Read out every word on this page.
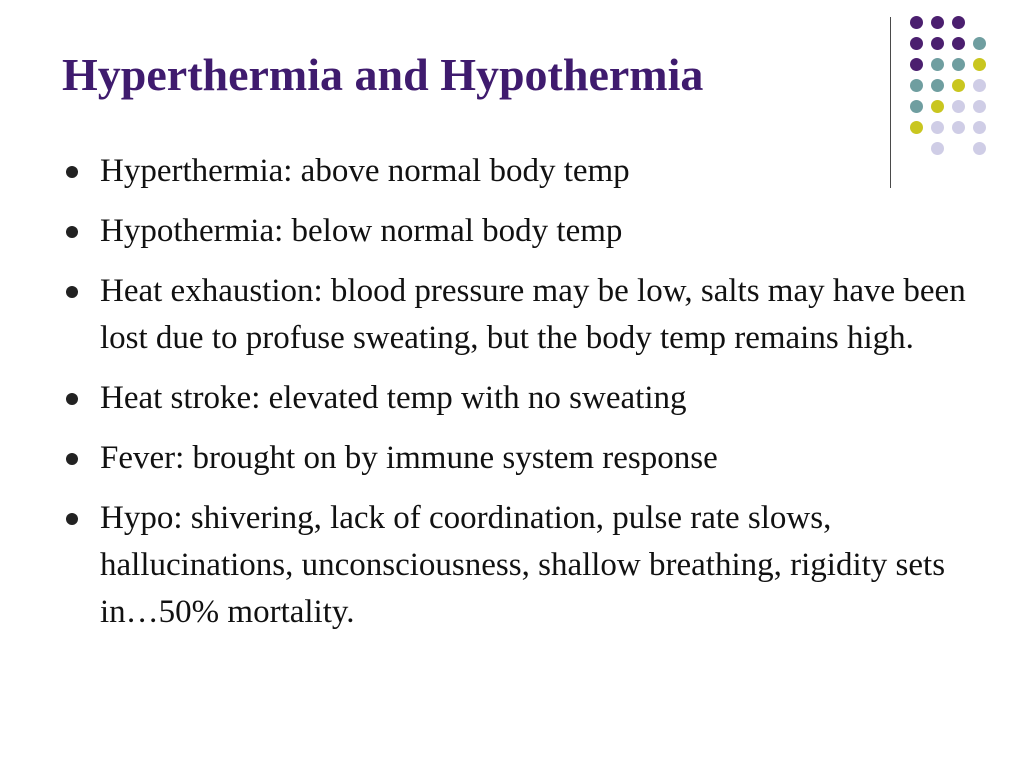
Hyperthermia and Hypothermia
Hyperthermia: above normal body temp
Hypothermia: below normal body temp
Heat exhaustion: blood pressure may be low, salts may have been lost due to profuse sweating, but the body temp remains high.
Heat stroke: elevated temp with no sweating
Fever: brought on by immune system response
Hypo: shivering, lack of coordination, pulse rate slows, hallucinations, unconsciousness, shallow breathing, rigidity sets in…50% mortality.
